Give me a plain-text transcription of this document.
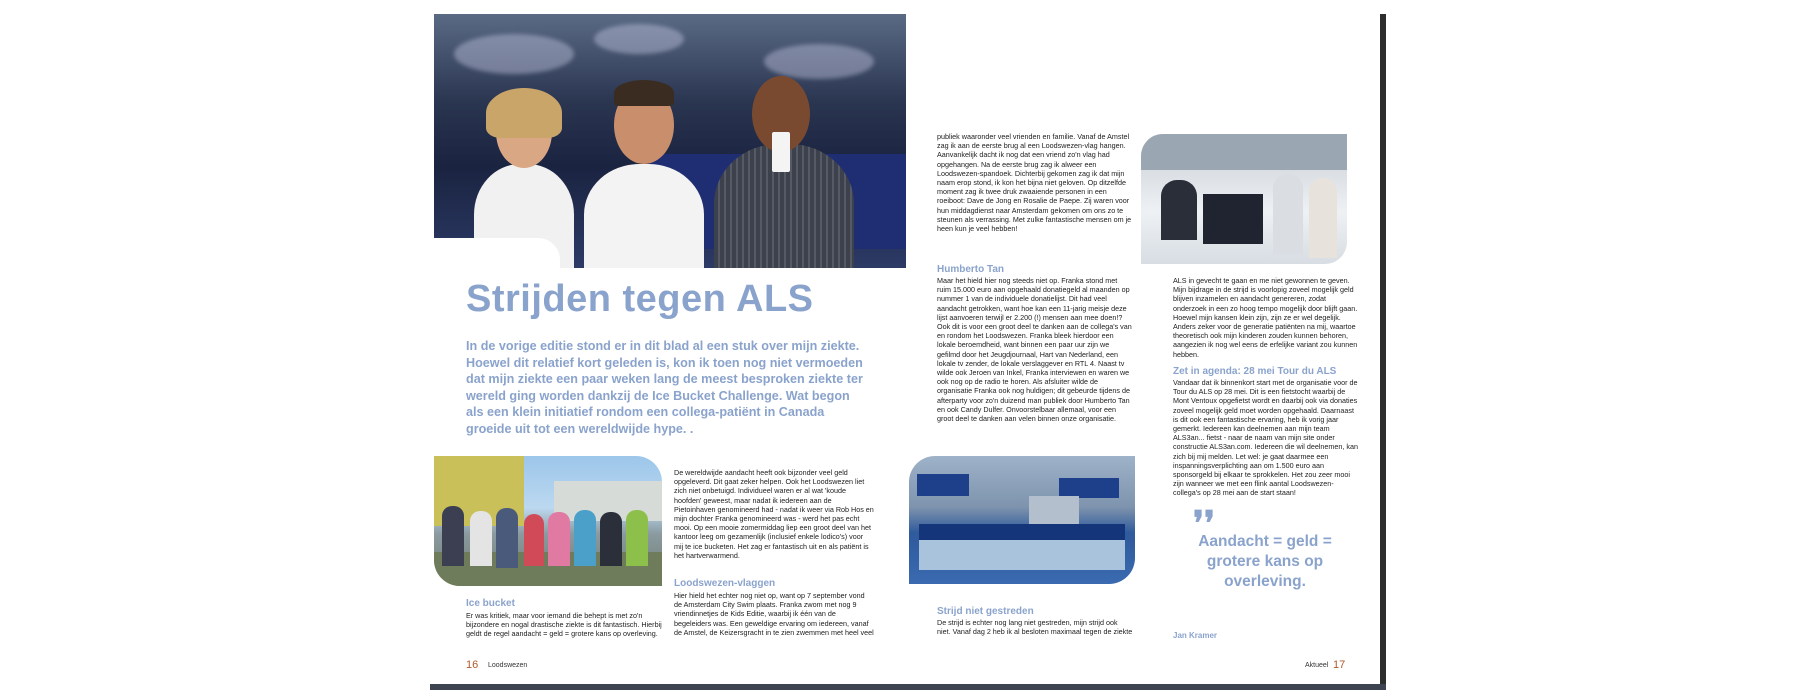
Strijden tegen ALS

In de vorige editie stond er in dit blad al een stuk over mijn ziekte. Hoewel dit relatief kort geleden is, kon ik toen nog niet vermoeden dat mijn ziekte een paar weken lang de meest besproken ziekte ter wereld ging worden dankzij de Ice Bucket Challenge. Wat begon als een klein initiatief rondom een collega-patiënt in Canada groeide uit tot een wereldwijde hype. .

Ice bucket

Er was kritiek, maar voor iemand die behept is met zo'n bijzondere en nogal drastische ziekte is dit fantastisch. Hierbij geldt de regel aandacht = geld = grotere kans op overleving.

De wereldwijde aandacht heeft ook bijzonder veel geld opgeleverd. Dit gaat zeker helpen. Ook het Loodswezen liet zich niet onbetuigd. Individueel waren er al wat 'koude hoofden' geweest, maar nadat ik iedereen aan de Pietoinhaven genomineerd had - nadat ik weer via Rob Hos en mijn dochter Franka genomineerd was - werd het pas echt mooi. Op een mooie zomermiddag liep een groot deel van het kantoor leeg om gezamenlijk (inclusief enkele lodico's) voor mij te ice bucketen. Het zag er fantastisch uit en als patiënt is het hartverwarmend.

Loodswezen-vlaggen

Hier hield het echter nog niet op, want op 7 september vond de Amsterdam City Swim plaats. Franka zwom met nog 9 vriendinnetjes de Kids Editie, waarbij ik één van de begeleiders was. Een geweldige ervaring om iedereen, vanaf de Amstel, de Keizersgracht in te zien zwemmen met heel veel

16 Loodswezen

publiek waaronder veel vrienden en familie. Vanaf de Amstel zag ik aan de eerste brug al een Loodswezen-vlag hangen. Aanvankelijk dacht ik nog dat een vriend zo'n vlag had opgehangen. Na de eerste brug zag ik alweer een Loodswezen-spandoek. Dichterbij gekomen zag ik dat mijn naam erop stond, ik kon het bijna niet geloven. Op ditzelfde moment zag ik twee druk zwaaiende personen in een roeiboot: Dave de Jong en Rosalie de Paepe. Zij waren voor hun middagdienst naar Amsterdam gekomen om ons zo te steunen als verrassing. Met zulke fantastische mensen om je heen kun je veel hebben!

Humberto Tan

Maar het hield hier nog steeds niet op. Franka stond met ruim 15.000 euro aan opgehaald donatiegeld al maanden op nummer 1 van de individuele donatielijst. Dit had veel aandacht getrokken, want hoe kan een 11-jarig meisje deze lijst aanvoeren terwijl er 2.200 (!) mensen aan mee doen!? Ook dit is voor een groot deel te danken aan de collega's van en rondom het Loodswezen. Franka bleek hierdoor een lokale beroemdheid, want binnen een paar uur zijn we gefilmd door het Jeugdjournaal, Hart van Nederland, een lokale tv zender, de lokale verslaggever en RTL 4. Naast tv wilde ook Jeroen van Inkel, Franka interviewen en waren we ook nog op de radio te horen. Als afsluiter wilde de organisatie Franka ook nog huldigen; dit gebeurde tijdens de afterparty voor zo'n duizend man publiek door Humberto Tan en ook Candy Dulfer. Onvoorstelbaar allemaal, voor een groot deel te danken aan velen binnen onze organisatie.

Strijd niet gestreden

De strijd is echter nog lang niet gestreden, mijn strijd ook niet. Vanaf dag 2 heb ik al besloten maximaal tegen de ziekte

ALS in gevecht te gaan en me niet gewonnen te geven. Mijn bijdrage in de strijd is voorlopig zoveel mogelijk geld blijven inzamelen en aandacht genereren, zodat onderzoek in een zo hoog tempo mogelijk door blijft gaan. Hoewel mijn kansen klein zijn, zijn ze er wel degelijk. Anders zeker voor de generatie patiënten na mij, waartoe theoretisch ook mijn kinderen zouden kunnen behoren, aangezien ik nog wel eens de erfelijke variant zou kunnen hebben.

Zet in agenda: 28 mei Tour du ALS

Vandaar dat ik binnenkort start met de organisatie voor de Tour du ALS op 28 mei. Dit is een fietstocht waarbij de Mont Ventoux opgefietst wordt en daarbij ook via donaties zoveel mogelijk geld moet worden opgehaald. Daarnaast is dit ook een fantastische ervaring, heb ik vorig jaar gemerkt. Iedereen kan deelnemen aan mijn team ALS3an... fietst - naar de naam van mijn site onder constructie ALS3an.com. Iedereen die wil deelnemen, kan zich bij mij melden. Let wel: je gaat daarmee een inspanningsverplichting aan om 1.500 euro aan sponsorgeld bij elkaar te sprokkelen. Het zou zeer mooi zijn wanneer we met een flink aantal Loodswezen-collega's op 28 mei aan de start staan!

❜❜

Aandacht = geld = grotere kans op overleving.

Jan Kramer
Aktueel 17
